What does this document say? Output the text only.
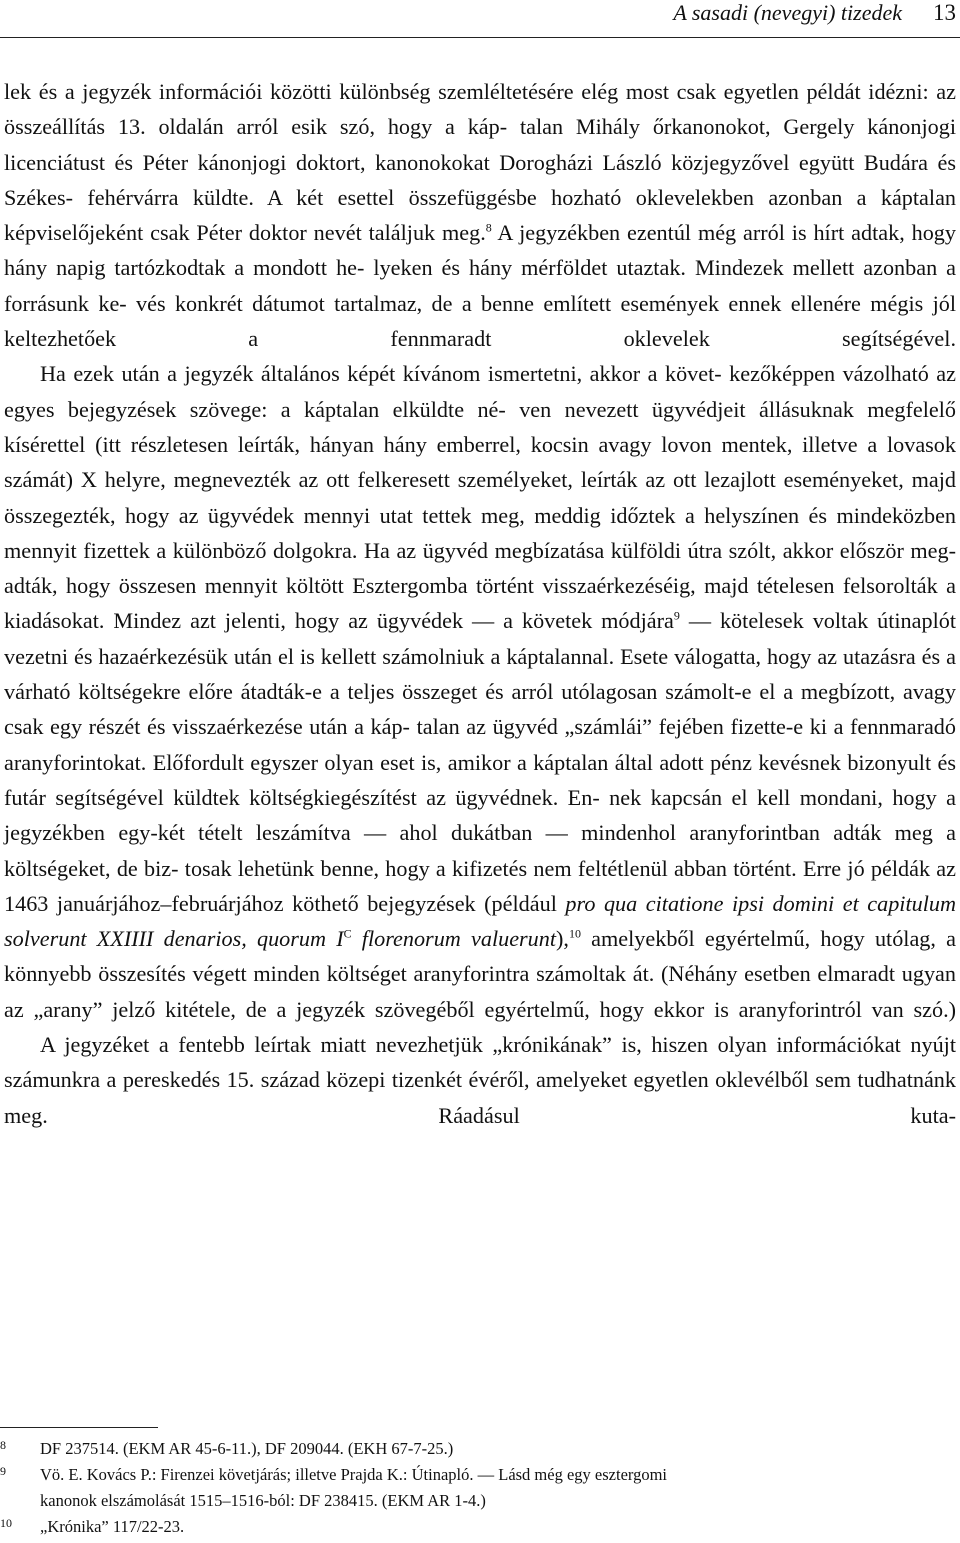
A sasadi (nevegyi) tizedek 13

lek és a jegyzék információi közötti különbség szemléltetésére elég most csak egyetlen példát idézni: az összeállítás 13. oldalán arról esik szó, hogy a káp- talan Mihály őrkanonokot, Gergely kánonjogi licenciátust és Péter kánonjogi doktort, kanonokokat Dorogházi László közjegyzővel együtt Budára és Székes- fehérvárra küldte. A két esettel összefüggésbe hozható oklevelekben azonban a káptalan képviselőjeként csak Péter doktor nevét találjuk meg.$^8$ A jegyzékben ezentúl még arról is hírt adtak, hogy hány napig tartózkodtak a mondott he- lyeken és hány mérföldet utaztak. Mindezek mellett azonban a forrásunk ke- vés konkrét dátumot tartalmaz, de a benne említett események ennek ellenére mégis jól keltezhetőek a fennmaradt oklevelek segítségével.

Ha ezek után a jegyzék általános képét kívánom ismertetni, akkor a követ- kezőképpen vázolható az egyes bejegyzések szövege: a káptalan elküldte né- ven nevezett ügyvédjeit állásuknak megfelelő kísérettel (itt részletesen leírták, hányan hány emberrel, kocsin avagy lovon mentek, illetve a lovasok számát) X helyre, megnevezték az ott felkeresett személyeket, leírták az ott lezajlott eseményeket, majd összegezték, hogy az ügyvédek mennyi utat tettek meg, meddig időztek a helyszínen és mindeközben mennyit fizettek a különböző dolgokra. Ha az ügyvéd megbízatása külföldi útra szólt, akkor először meg- adták, hogy összesen mennyit költött Esztergomba történt visszaérkezéséig, majd tételesen felsorolták a kiadásokat. Mindez azt jelenti, hogy az ügyvédek — a követek módjára$^9$ — kötelesek voltak útinaplót vezetni és hazaérkezésük után el is kellett számolniuk a káptalannal. Esete válogatta, hogy az utazásra és a várható költségekre előre átadták-e a teljes összeget és arról utólagosan számolt-e el a megbízott, avagy csak egy részét és visszaérkezése után a káp- talan az ügyvéd „számlái” fejében fizette-e ki a fennmaradó aranyforintokat. Előfordult egyszer olyan eset is, amikor a káptalan által adott pénz kevésnek bizonyult és futár segítségével küldtek költségkiegészítést az ügyvédnek. En- nek kapcsán el kell mondani, hogy a jegyzékben egy-két tételt leszámítva — ahol dukátban — mindenhol aranyforintban adták meg a költségeket, de biz- tosak lehetünk benne, hogy a kifizetés nem feltétlenül abban történt. Erre jó példák az 1463 januárjához–februárjához köthető bejegyzések (például pro qua citatione ipsi domini et capitulum solverunt XXIIII denarios, quorum $I^C$ florenorum valuerunt),$^{10}$ amelyekből egyértelmű, hogy utólag, a könnyebb összesítés végett minden költséget aranyforintra számoltak át. (Néhány esetben elmaradt ugyan az „arany” jelző kitétele, de a jegyzék szövegéből egyértelmű, hogy ekkor is aranyforintról van szó.)

A jegyzéket a fentebb leírtak miatt nevezhetjük „krónikának” is, hiszen olyan információkat nyújt számunkra a pereskedés 15. század közepi tizenkét évéről, amelyeket egyetlen oklevélből sem tudhatnánk meg. Ráadásul kuta-

8 DF 237514. (EKM AR 45-6-11.), DF 209044. (EKH 67-7-25.)
9 Vö. E. Kovács P.: Firenzei követjárás; illetve Prajda K.: Útinapló. — Lásd még egy esztergomi
kanonok elszámolását 1515–1516-ból: DF 238415. (EKM AR 1-4.)
10 „Krónika” 117/22-23.
